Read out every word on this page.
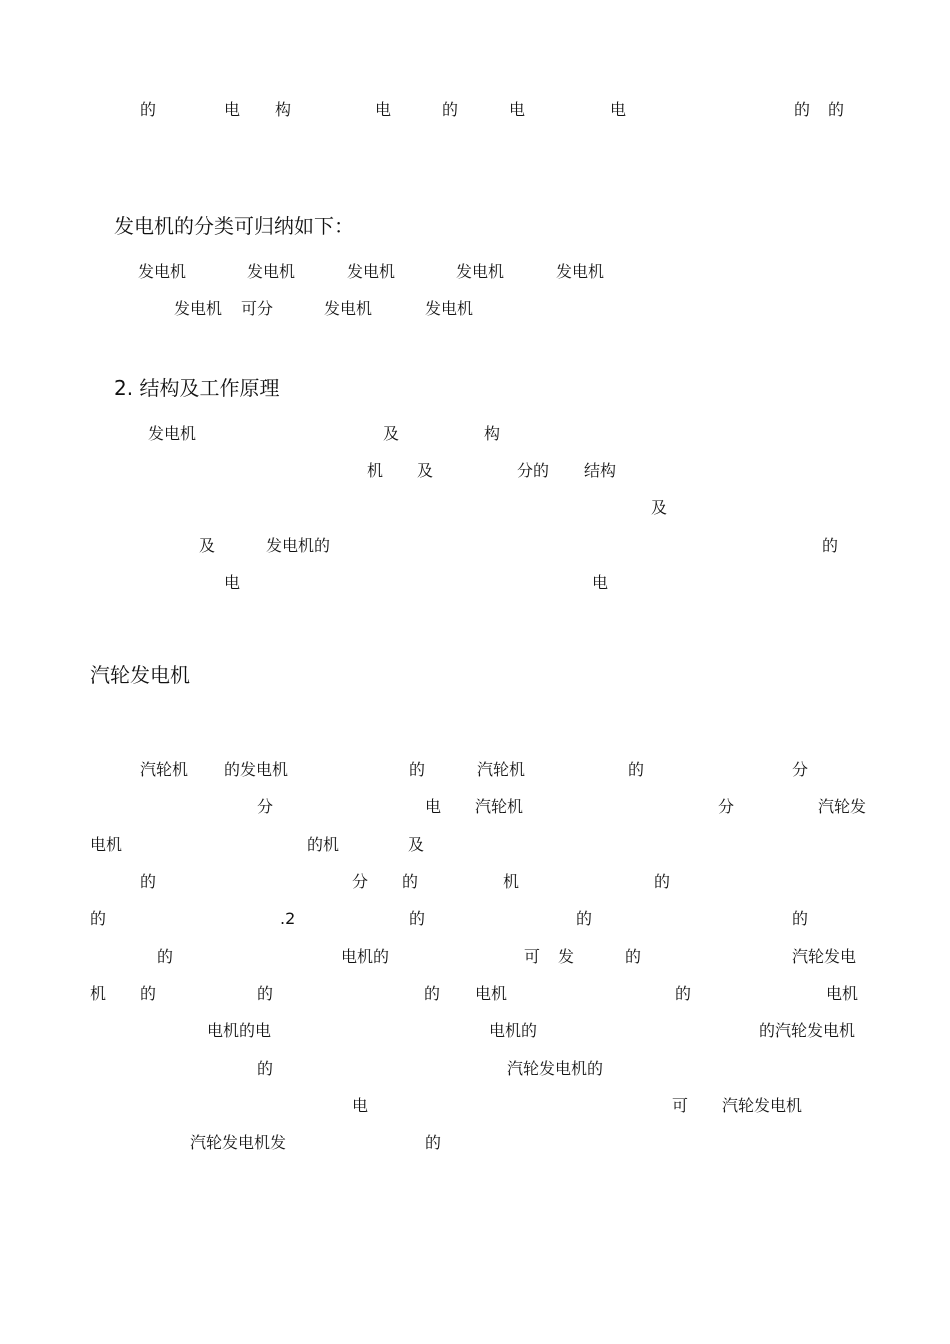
的	电 构	电	的	电	电	的 的
发电机的分类可归纳如下：
发电机	发电机	发电机	发电机	发电机
发电机 可分	发电机	发电机
2. 结构及工作原理
发电机	及	构
机 及	分的 结构
及
及	发电机的	的
电	电
汽轮发电机
汽轮机 的发电机	的	汽轮机	的	分
分	电 汽轮机	分	汽轮发
电机	的机	及
的	分 的	机	的
的	.2	的	的	的
的	电机的	可 发	的	汽轮发电
机 的	的	的 电机	的	电机
电机的电	电机的	的汽轮发电机
的	汽轮发电机的
电	可 汽轮发电机
汽轮发电机发	的
